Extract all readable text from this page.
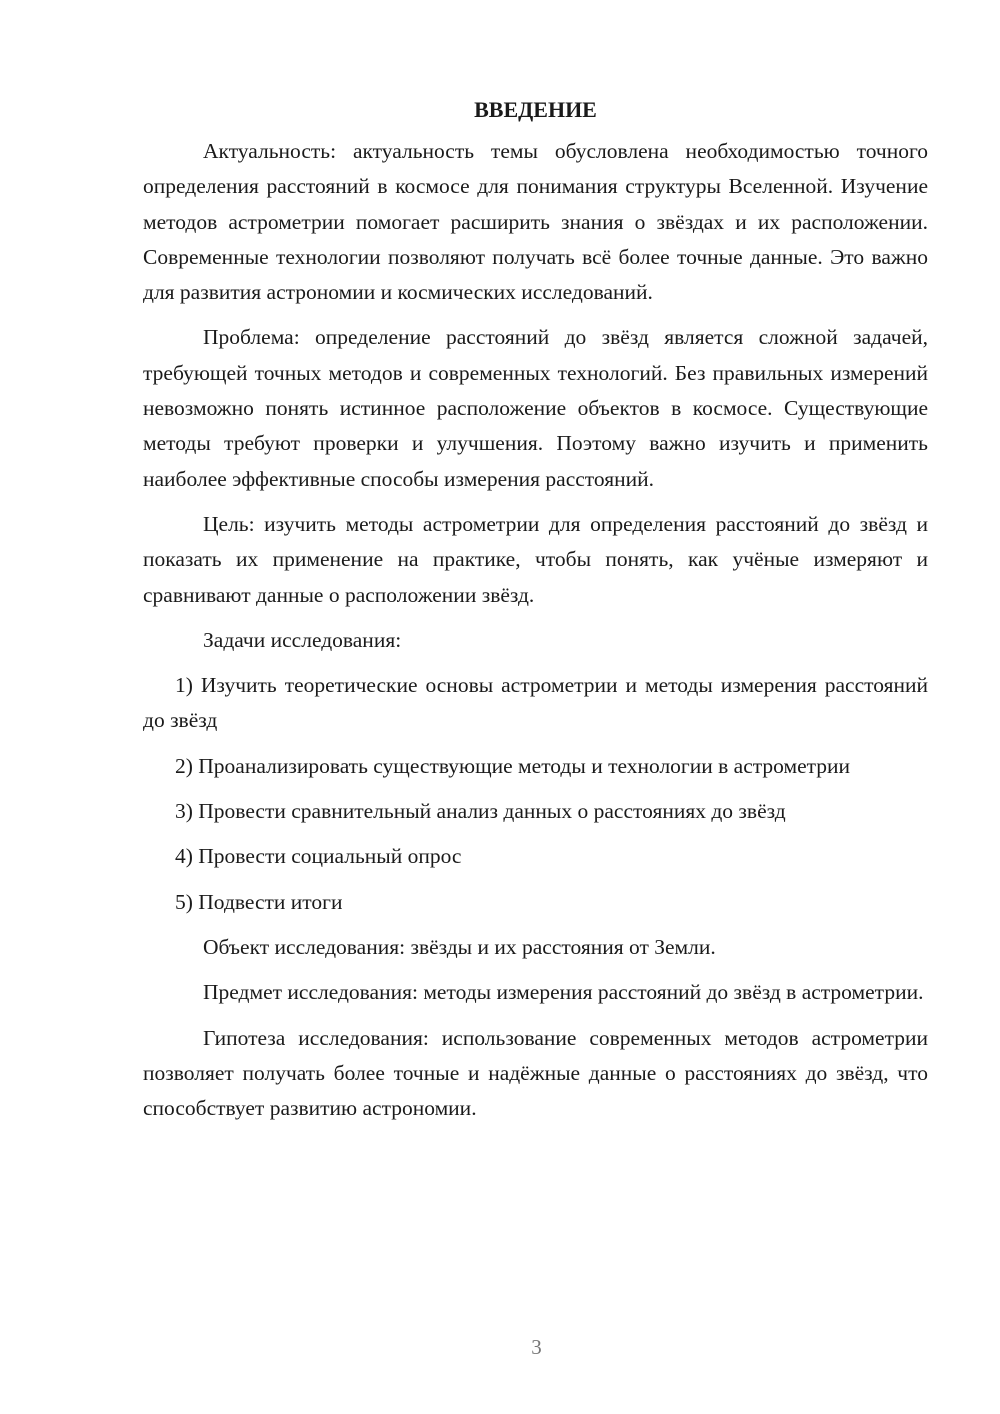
ВВЕДЕНИЕ

Актуальность: актуальность темы обусловлена необходимостью точного определения расстояний в космосе для понимания структуры Вселенной. Изучение методов астрометрии помогает расширить знания о звёздах и их расположении. Современные технологии позволяют получать всё более точные данные. Это важно для развития астрономии и космических исследований.

Проблема: определение расстояний до звёзд является сложной задачей, требующей точных методов и современных технологий. Без правильных измерений невозможно понять истинное расположение объектов в космосе. Существующие методы требуют проверки и улучшения. Поэтому важно изучить и применить наиболее эффективные способы измерения расстояний.

Цель: изучить методы астрометрии для определения расстояний до звёзд и показать их применение на практике, чтобы понять, как учёные измеряют и сравнивают данные о расположении звёзд.

Задачи исследования:

1) Изучить теоретические основы астрометрии и методы измерения расстояний до звёзд

2) Проанализировать существующие методы и технологии в астрометрии

3) Провести сравнительный анализ данных о расстояниях до звёзд

4) Провести социальный опрос

5) Подвести итоги

Объект исследования: звёзды и их расстояния от Земли.

Предмет исследования: методы измерения расстояний до звёзд в астрометрии.

Гипотеза исследования: использование современных методов астрометрии позволяет получать более точные и надёжные данные о расстояниях до звёзд, что способствует развитию астрономии.

3
